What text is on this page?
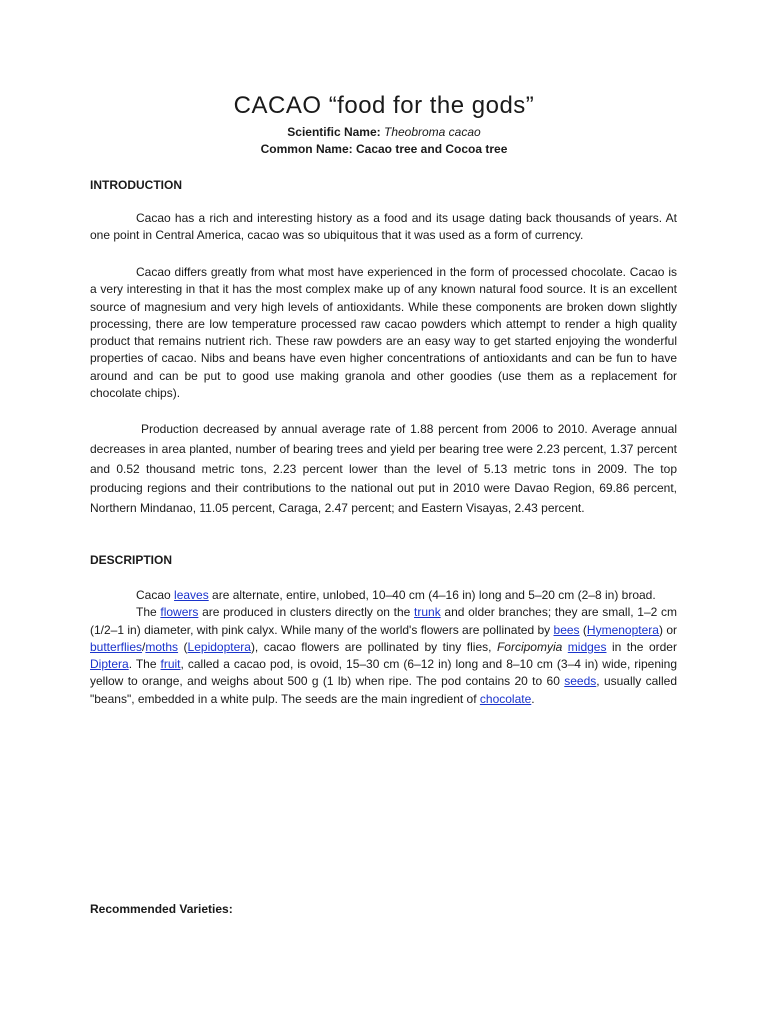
CACAO “food for the gods”

Scientific Name: Theobroma cacao

Common Name: Cacao tree and Cocoa tree

INTRODUCTION

Cacao has a rich and interesting history as a food and its usage dating back thousands of years. At one point in Central America, cacao was so ubiquitous that it was used as a form of currency.

Cacao differs greatly from what most have experienced in the form of processed chocolate. Cacao is a very interesting in that it has the most complex make up of any known natural food source. It is an excellent source of magnesium and very high levels of antioxidants. While these components are broken down slightly processing, there are low temperature processed raw cacao powders which attempt to render a high quality product that remains nutrient rich. These raw powders are an easy way to get started enjoying the wonderful properties of cacao. Nibs and beans have even higher concentrations of antioxidants and can be fun to have around and can be put to good use making granola and other goodies (use them as a replacement for chocolate chips).

Production decreased by annual average rate of 1.88 percent from 2006 to 2010. Average annual decreases in area planted, number of bearing trees and yield per bearing tree were 2.23 percent, 1.37 percent and 0.52 thousand metric tons, 2.23 percent lower than the level of 5.13 metric tons in 2009. The top producing regions and their contributions to the national out put in 2010 were Davao Region, 69.86 percent, Northern Mindanao, 11.05 percent, Caraga, 2.47 percent; and Eastern Visayas, 2.43 percent.

DESCRIPTION

Cacao leaves are alternate, entire, unlobed, 10–40 cm (4–16 in) long and 5–20 cm (2–8 in) broad.
The flowers are produced in clusters directly on the trunk and older branches; they are small, 1–2 cm (1/2–1 in) diameter, with pink calyx. While many of the world's flowers are pollinated by bees (Hymenoptera) or butterflies/moths (Lepidoptera), cacao flowers are pollinated by tiny flies, Forcipomyia midges in the order Diptera. The fruit, called a cacao pod, is ovoid, 15–30 cm (6–12 in) long and 8–10 cm (3–4 in) wide, ripening yellow to orange, and weighs about 500 g (1 lb) when ripe. The pod contains 20 to 60 seeds, usually called "beans", embedded in a white pulp. The seeds are the main ingredient of chocolate.

Recommended Varieties:
